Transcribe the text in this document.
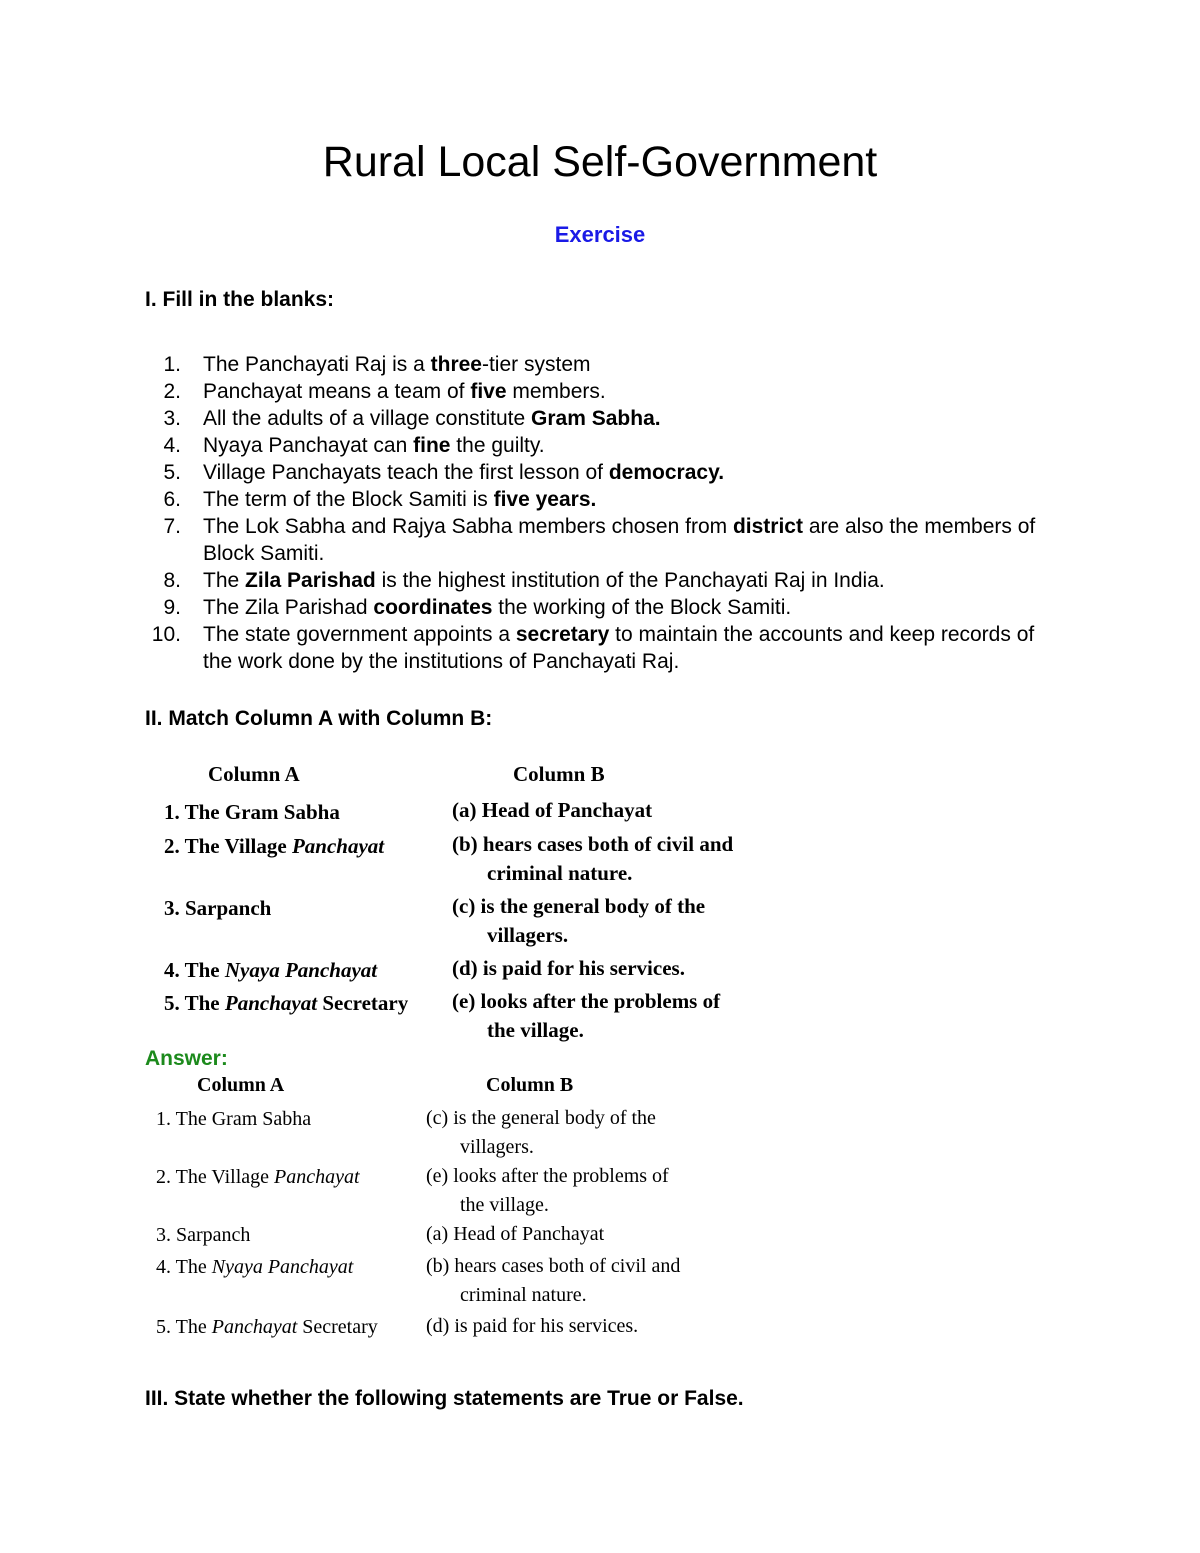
Rural Local Self-Government
Exercise
I. Fill in the blanks:
1. The Panchayati Raj is a three-tier system
2. Panchayat means a team of five members.
3. All the adults of a village constitute Gram Sabha.
4. Nyaya Panchayat can fine the guilty.
5. Village Panchayats teach the first lesson of democracy.
6. The term of the Block Samiti is five years.
7. The Lok Sabha and Rajya Sabha members chosen from district are also the members of Block Samiti.
8. The Zila Parishad is the highest institution of the Panchayati Raj in India.
9. The Zila Parishad coordinates the working of the Block Samiti.
10. The state government appoints a secretary to maintain the accounts and keep records of the work done by the institutions of Panchayati Raj.
II. Match Column A with Column B:
Column A	Column B
1. The Gram Sabha	(a) Head of Panchayat
2. The Village Panchayat	(b) hears cases both of civil and
criminal nature.
3. Sarpanch	(c) is the general body of the
villagers.
4. The Nyaya Panchayat	(d) is paid for his services.
5. The Panchayat Secretary (e) looks after the problems of
the village.

Answer:

Column A	Column B
1. The Gram Sabha	(c) is the general body of the
villagers.
2. The Village Panchayat	(e) looks after the problems of
the village.
3. Sarpanch	(a) Head of Panchayat
4. The Nyaya Panchayat	(b) hears cases both of civil and
criminal nature.
5. The Panchayat Secretary (d) is paid for his services.
III. State whether the following statements are True or False.
